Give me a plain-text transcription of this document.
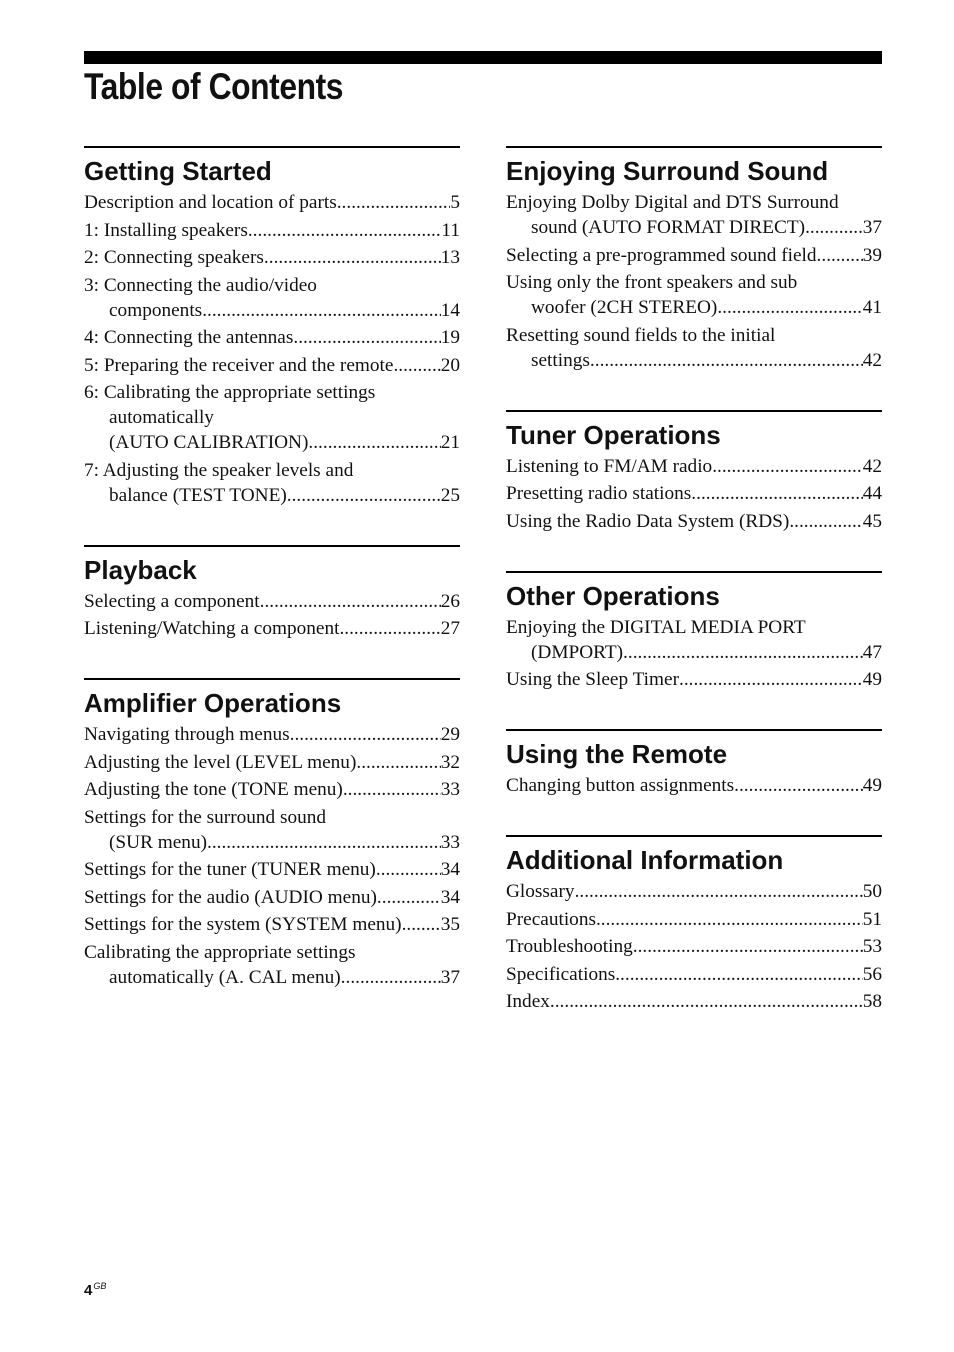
Table of Contents
Getting Started
Description and location of parts .....	5
1: Installing speakers .....	11
2: Connecting speakers .....	13
3: Connecting the audio/video
components .....	14
4: Connecting the antennas .....	19
5: Preparing the receiver and the remote ..... 20
6: Calibrating the appropriate settings
automatically
(AUTO CALIBRATION) .....	21
7: Adjusting the speaker levels and
balance (TEST TONE) .....	25
Playback
Selecting a component .....	26
Listening/Watching a component .....	27
Amplifier Operations
Navigating through menus .....	29
Adjusting the level (LEVEL menu) .....	32
Adjusting the tone (TONE menu) .....	33
Settings for the surround sound
(SUR menu) .....	33
Settings for the tuner (TUNER menu) .....	34
Settings for the audio (AUDIO menu) .....	34
Settings for the system (SYSTEM menu) ..... 35
Calibrating the appropriate settings
automatically (A. CAL menu) .....	37
Enjoying Surround Sound
Enjoying Dolby Digital and DTS Surround
sound (AUTO FORMAT DIRECT) .....	37
Selecting a pre-programmed sound field ..... 39
Using only the front speakers and sub
woofer (2CH STEREO) .....	41
Resetting sound fields to the initial
settings .....	42
Tuner Operations
Listening to FM/AM radio .....	42
Presetting radio stations .....	44
Using the Radio Data System (RDS) .....	45
Other Operations
Enjoying the DIGITAL MEDIA PORT
(DMPORT) .....	47
Using the Sleep Timer .....	49
Using the Remote
Changing button assignments .....	49
Additional Information
Glossary .....	50
Precautions .....	51
Troubleshooting .....	53
Specifications .....	56
Index .....	58
$4^{GB}$
